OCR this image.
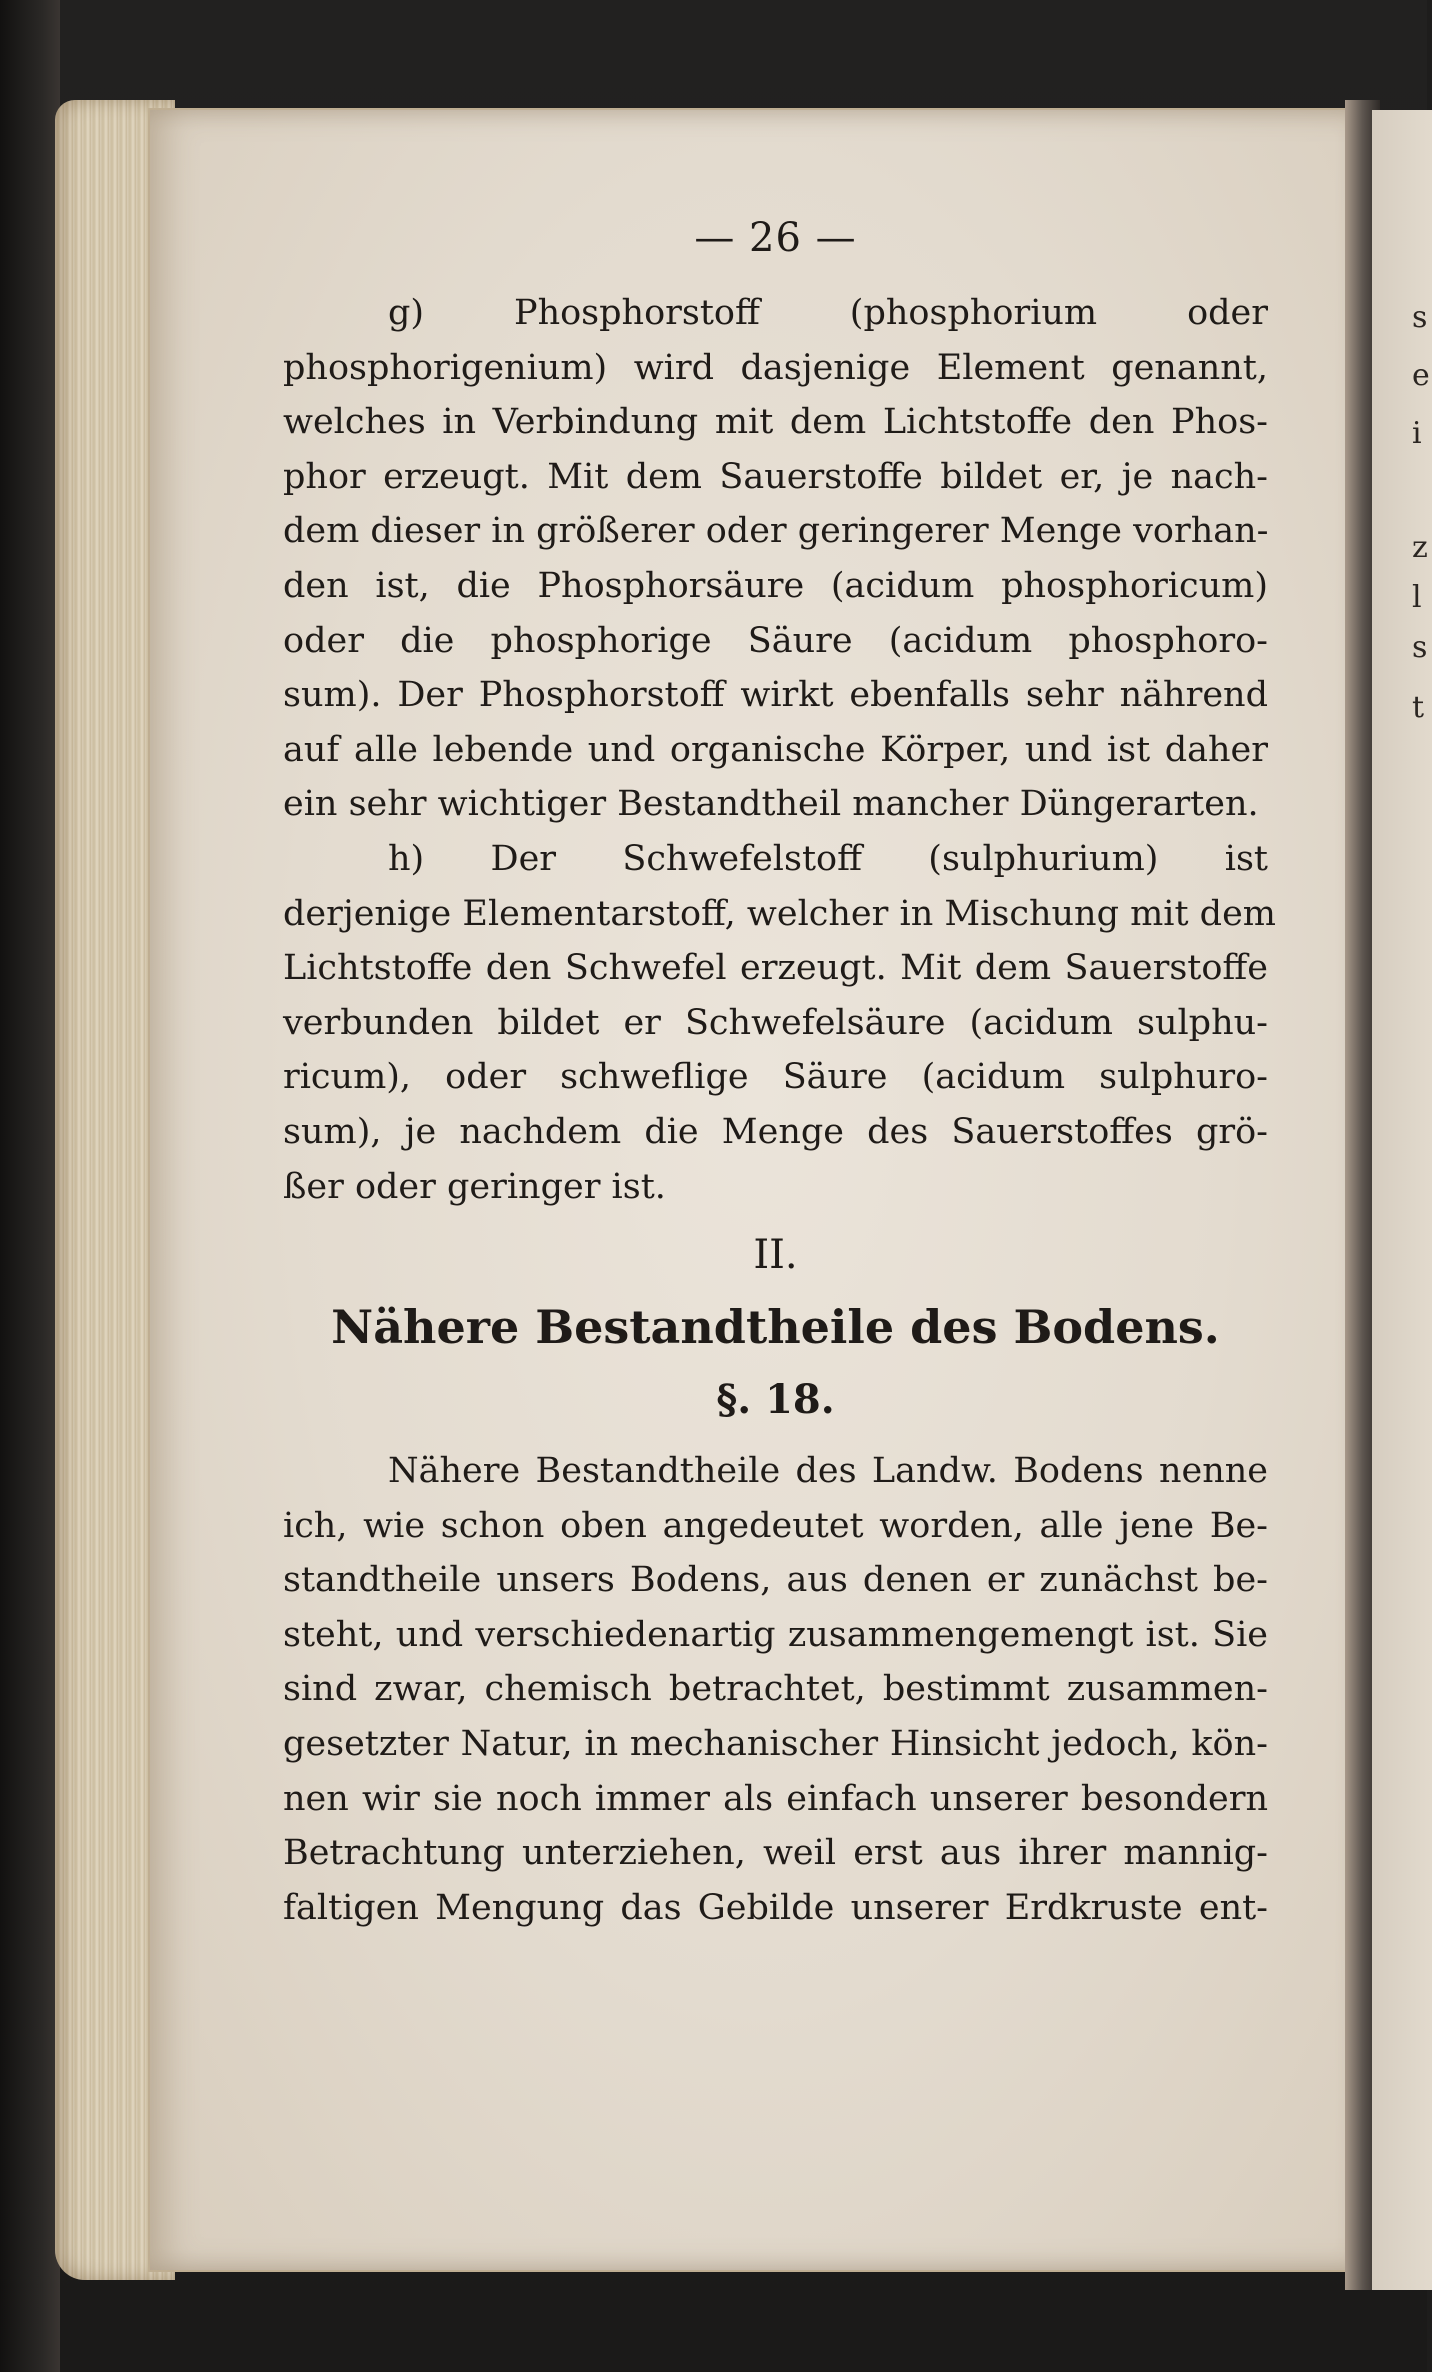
s
e
i
z
l
s
t
— 26 —
g) Phosphorstoff (phosphorium oder
phosphorigenium) wird dasjenige Element genannt,
welches in Verbindung mit dem Lichtstoffe den Phos-
phor erzeugt. Mit dem Sauerstoffe bildet er, je nach-
dem dieser in größerer oder geringerer Menge vorhan-
den ist, die Phosphorsäure (acidum phosphoricum)
oder die phosphorige Säure (acidum phosphoro-
sum). Der Phosphorstoff wirkt ebenfalls sehr nährend
auf alle lebende und organische Körper, und ist daher
ein sehr wichtiger Bestandtheil mancher Düngerarten.
h) Der Schwefelstoff (sulphurium) ist
derjenige Elementarstoff, welcher in Mischung mit dem
Lichtstoffe den Schwefel erzeugt. Mit dem Sauerstoffe
verbunden bildet er Schwefelsäure (acidum sulphu-
ricum), oder schweflige Säure (acidum sulphuro-
sum), je nachdem die Menge des Sauerstoffes grö-
ßer oder geringer ist.
II.
Nähere Bestandtheile des Bodens.
§. 18.
Nähere Bestandtheile des Landw. Bodens nenne
ich, wie schon oben angedeutet worden, alle jene Be-
standtheile unsers Bodens, aus denen er zunächst be-
steht, und verschiedenartig zusammengemengt ist. Sie
sind zwar, chemisch betrachtet, bestimmt zusammen-
gesetzter Natur, in mechanischer Hinsicht jedoch, kön-
nen wir sie noch immer als einfach unserer besondern
Betrachtung unterziehen, weil erst aus ihrer mannig-
faltigen Mengung das Gebilde unserer Erdkruste ent-
